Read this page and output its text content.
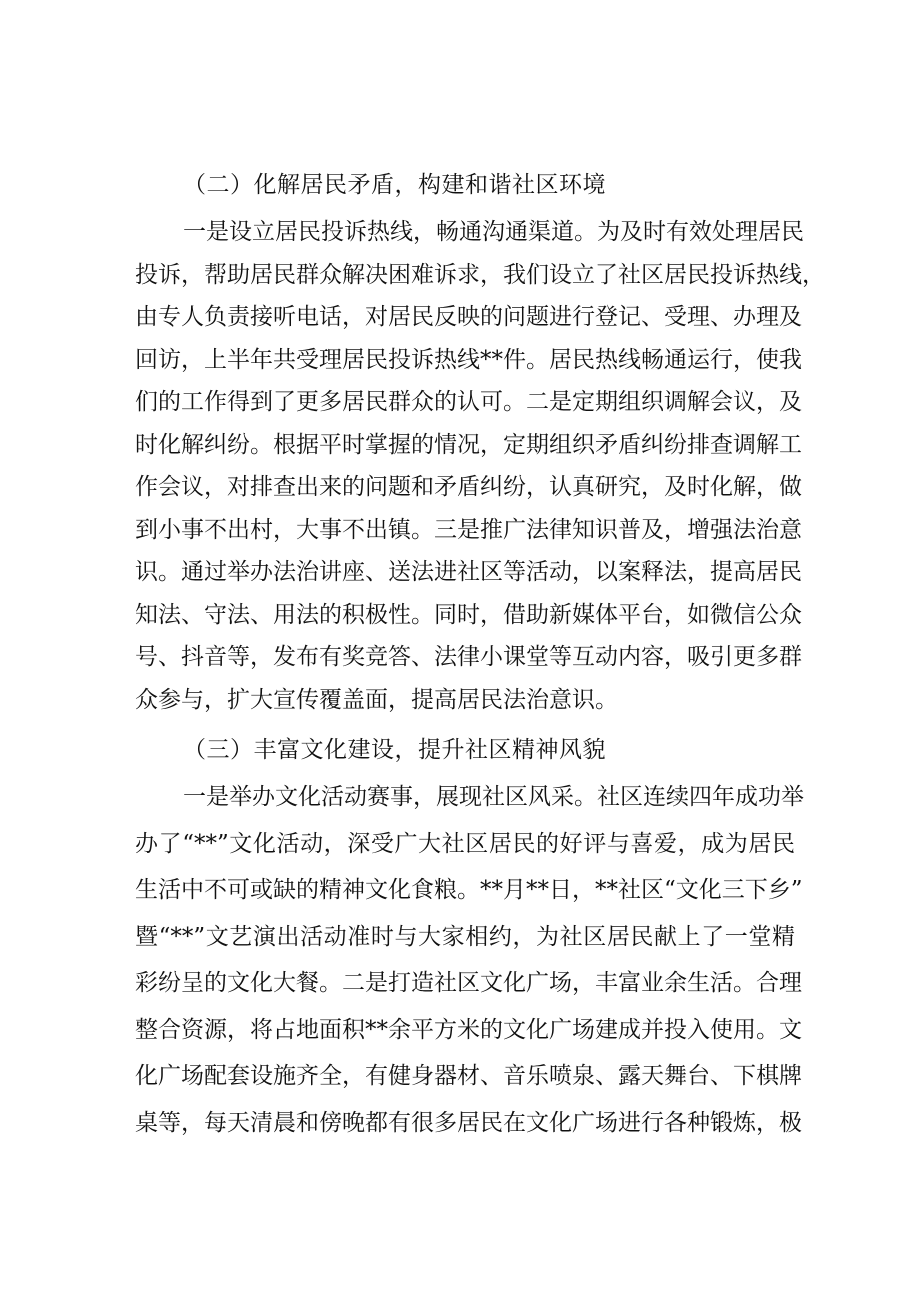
（二）化解居民矛盾，构建和谐社区环境
一是设立居民投诉热线，畅通沟通渠道。为及时有效处理居民
投诉，帮助居民群众解决困难诉求，我们设立了社区居民投诉热线，
由专人负责接听电话，对居民反映的问题进行登记、受理、办理及
回访，上半年共受理居民投诉热线**件。居民热线畅通运行，使我
们的工作得到了更多居民群众的认可。二是定期组织调解会议，及
时化解纠纷。根据平时掌握的情况，定期组织矛盾纠纷排查调解工
作会议，对排查出来的问题和矛盾纠纷，认真研究，及时化解，做
到小事不出村，大事不出镇。三是推广法律知识普及，增强法治意
识。通过举办法治讲座、送法进社区等活动，以案释法，提高居民
知法、守法、用法的积极性。同时，借助新媒体平台，如微信公众
号、抖音等，发布有奖竞答、法律小课堂等互动内容，吸引更多群
（三）丰富文化建设，提升社区精神风貌
一是举办文化活动赛事，展现社区风采。社区连续四年成功举
办了“**”文化活动，深受广大社区居民的好评与喜爱，成为居民
生活中不可或缺的精神文化食粮。**月**日，**社区“文化三下乡”
暨“**”文艺演出活动准时与大家相约，为社区居民献上了一堂精
彩纷呈的文化大餐。二是打造社区文化广场，丰富业余生活。合理
整合资源，将占地面积**余平方米的文化广场建成并投入使用。文
化广场配套设施齐全，有健身器材、音乐喷泉、露天舞台、下棋牌
桌等，每天清晨和傍晚都有很多居民在文化广场进行各种锻炼，极
众参与，扩大宣传覆盖面，提高居民法治意识。
